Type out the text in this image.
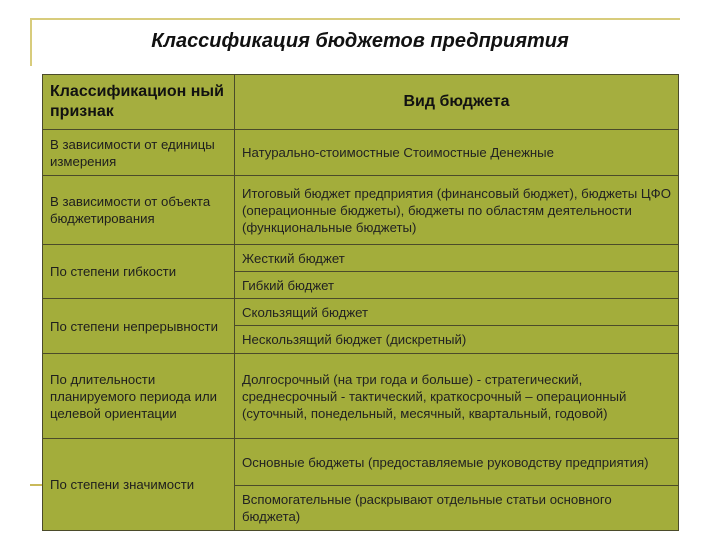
Классификация бюджетов предприятия
Классификацион ный признак	Вид бюджета
В зависимости от единицы измерения	Натурально-стоимостные Стоимостные Денежные
В зависимости от объекта бюджетирования	Итоговый бюджет предприятия (финансовый бюджет), бюджеты ЦФО (операционные бюджеты), бюджеты по областям деятельности (функциональные бюджеты)
По степени гибкости	Жесткий бюджет
	Гибкий бюджет
По степени непрерывности	Скользящий бюджет
	Нескользящий бюджет (дискретный)
По длительности планируемого периода или целевой ориентации	Долгосрочный (на три года и больше) - стратегический, среднесрочный - тактический, краткосрочный – операционный (суточный, понедельный, месячный, квартальный, годовой)
По степени значимости	Основные бюджеты (предоставляемые руководству предприятия)
	Вспомогательные (раскрывают отдельные статьи основного бюджета)
